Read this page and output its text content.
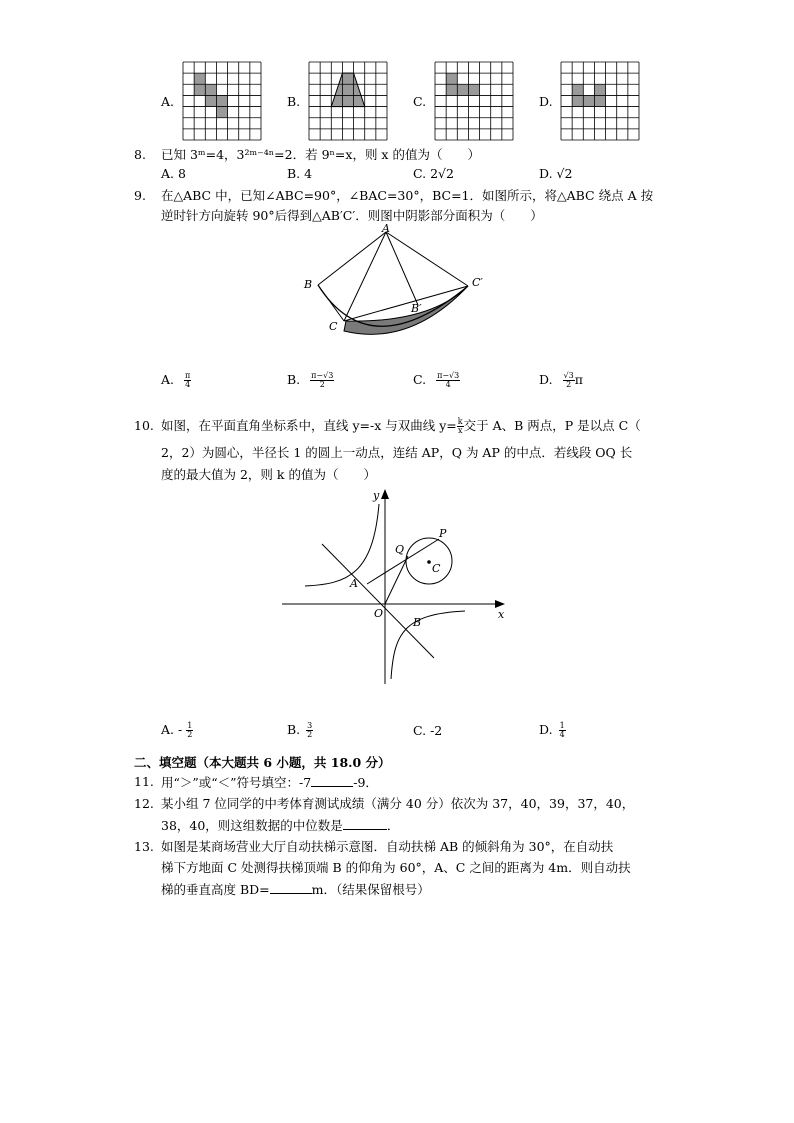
A.	B.	C.	D.
8. 已知 3ᵐ=4，3²ᵐ⁻⁴ⁿ=2．若 9ⁿ=x，则 x 的值为（　　）
A. 8	B. 4	C. 2√2	D. √2
9. 在△ABC 中，已知∠ABC=90°，∠BAC=30°，BC=1．如图所示，将△ABC 绕点 A 按
逆时针方向旋转 90°后得到△AB′C′．则图中阴影部分面积为（　　）
A
B
C
B′
C′
A. $\frac{\pi}{4}$	B. $\frac{\pi-√3}{2}$	C. $\frac{\pi-√3}{4}$	D. $\frac{√3}{2}$ π
10. 如图，在平面直角坐标系中，直线 y=-x 与双曲线 $y= \frac{k}{x}$ 交于 A、B 两点，P 是以点 C（
2，2）为圆心，半径长 1 的圆上一动点，连结 AP，Q 为 AP 的中点．若线段 OQ 长
度的最大值为 2，则 k 的值为（　　）
y
x
O
A
B
C
P
Q
A. - $\frac{1}{2}$	B. $\frac{3}{2}$	C. -2	D. $\frac{1}{4}$
二、填空题（本大题共 6 小题，共 18.0 分）
11. 用“＞”或“＜”符号填空：-7	-9．
12. 某小组 7 位同学的中考体育测试成绩（满分 40 分）依次为 37，40，39，37，40，
38，40，则这组数据的中位数是	．
13. 如图是某商场营业大厅自动扶梯示意图．自动扶梯 AB 的倾斜角为 30°，在自动扶
梯下方地面 C 处测得扶梯顶端 B 的仰角为 60°，A、C 之间的距离为 4m．则自动扶
梯的垂直高度 BD=	m．（结果保留根号）
